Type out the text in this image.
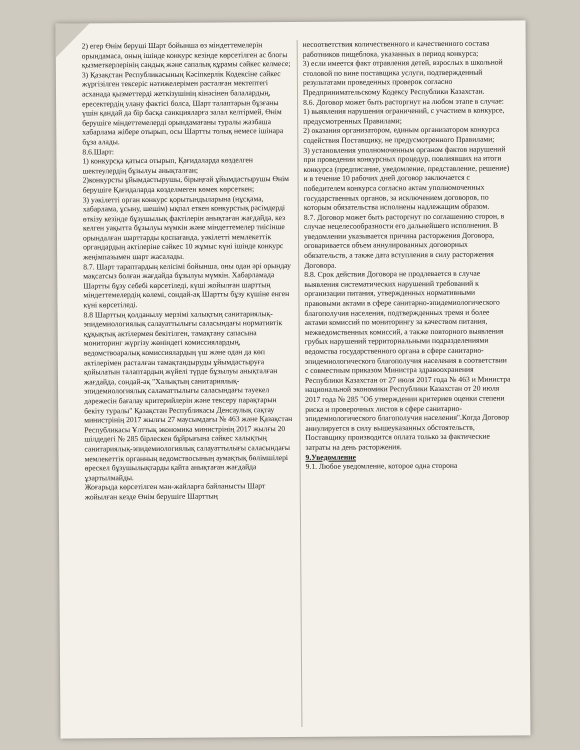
2) егер Өнім беруші Шарт бойынша өз міндеттемелерін орындамаса, оның ішінде конкурс кезінде көрсетілген ас блогы қызметкерлерінің сандық және сапалық құрамы сәйкес келмесе;

3) Қазақстан Республикасының Кәсіпкерлік Кодексіне сәйкес жүргізілген тексеріс нәтижелерімен расталған мектептегі асханада қызметтерді жеткізушінің кінәсінен балалардың, ересектердің улану фактісі болса, Шарт талаптарын бұзғаны үшін қандай да бір басқа санкцияларға залал келтірмей, Өнім берушіге міндеттемелерді орындамағаны туралы жазбаша хабарлама жібере отырып, осы Шартты толық немесе ішінара бұза алады.

8.6.Шарт:

1) конкурсқа қатыса отырып, Қағидаларда көзделген шектеулердің бұзылуы анықталған;

2)конкурсты ұйымдастырушы, бірыңғай ұйымдастырушы Өнім берушіге Қағидаларда көзделмеген көмек көрсеткен;

3) уәкілетті орган конкурс қорытындыларына (нұсқама, хабарлама, ұсыну, шешім) ықпал еткен конкурстық рәсімдерді өткізу кезінде бұзушылық фактілерін анықтаған жағдайда, кез келген уақытта бұзылуы мүмкін және міндеттемелер тиісінше орындалған шарттарды қоспағанда, уәкілетті мемлекеттік органдардың актілеріне сәйкес 10 жұмыс күні ішінде конкурс жеңімпазымен шарт жасалады.

8.7. Шарт тараптардың келісімі бойынша, оны одан әрі орындау мақсатсыз болған жағдайда бұзылуы мүмкін. Хабарламада Шартты бұзу себебі көрсетіледі, күші жойылған шарттың міндеттемелердің көлемі, сондай-ақ Шартты бұзу күшіне енген күні көрсетіледі.

8.8 Шарттың қолданылу мерзімі халықтың санитариялық-эпидемиологиялық салауаттылығы саласындағы нормативтік құқықтық актілермен бекітілген, тамақтану сапасына мониторинг жүргізу жөніндегі комиссиялардың, ведомствоаралық комиссиялардың үш және одан да көп актілерімен расталған тамақтандыруды ұйымдастыруға қойылатын талаптардың жүйелі түрде бұзылуы анықталған жағдайда, сондай-ақ "Халықтың санитариялық-эпидемиологиялық саламаттылығы саласындағы тәуекел дәрежесін бағалау критерийлерін және тексеру парақтарын бекіту туралы" Қазақстан Республикасы Денсаулық сақтау министрінің 2017 жылғы 27 маусымдағы № 463 және Қазақстан Республикасы Ұлттық экономика министрінің 2017 жылғы 20 шілдедегі № 285 бірлескен бұйрығына сәйкес халықтың санитариялық-эпидемиологиялық салауаттылығы саласындағы мемлекеттік органның ведомствосының аумақтық бөлімшілері өрескел бұзушылықтарды қайта анықтаған жағдайда ұзартылмайды.

Жоғарыда көрсетілген мән-жайларға байланысты Шарт жойылған кезде Өнім берушіге Шарттың

несоответствия количественного и качественного состава работников пищеблока, указанных в период конкурса;

3) если имеется факт отравления детей, взрослых в школьной столовой по вине поставщика услуги, подтвержденный результатами проведенных проверок согласно Предпринимательскому Кодексу Республики Казахстан.

8.6. Договор может быть расторгнут на любом этапе в случае:

1) выявления нарушения ограничений, с участием в конкурсе, предусмотренных Правилами;

2) оказания организатором, единым организатором конкурса содействия Поставщику, не предусмотренного Правилами;

3) установления уполномоченным органом фактов нарушений при проведении конкурсных процедур, повлиявших на итоги конкурса (предписание, уведомление, представление, решение) и в течение 10 рабочих дней договор заключается с победителем конкурса согласно актам уполномоченных государственных органов, за исключением договоров, по которым обязательства исполнены надлежащим образом.

8.7. Договор может быть расторгнут по соглашению сторон, в случае нецелесообразности его дальнейшего исполнения. В уведомлении указывается причина расторжения Договора, оговаривается объем аннулированных договорных обязательств, а также дата вступления в силу расторжения Договора.

8.8. Срок действия Договора не продлевается в случае выявления систематических нарушений требований к организации питания, утвержденных нормативными правовыми актами в сфере санитарно-эпидемиологического благополучия населения, подтвержденных тремя и более актами комиссий по мониторингу за качеством питания, межведомственных комиссий, а также повторного выявления грубых нарушений территориальными подразделениями ведомства государственного органа в сфере санитарно-эпидемиологического благополучия населения в соответствии с совместным приказом Министра здравоохранения Республики Казахстан от 27 июля 2017 года № 463 и Министра национальной экономики Республики Казахстан от 20 июля 2017 года № 285 "Об утверждении критериев оценки степени риска и проверочных листов в сфере санитарно-эпидемиологического благополучия населения".Когда Договор аннулируется в силу вышеуказанных обстоятельств, Поставщику производится оплата только за фактические затраты на день расторжения.

9.Уведомление

9.1. Любое уведомление, которое одна сторона
